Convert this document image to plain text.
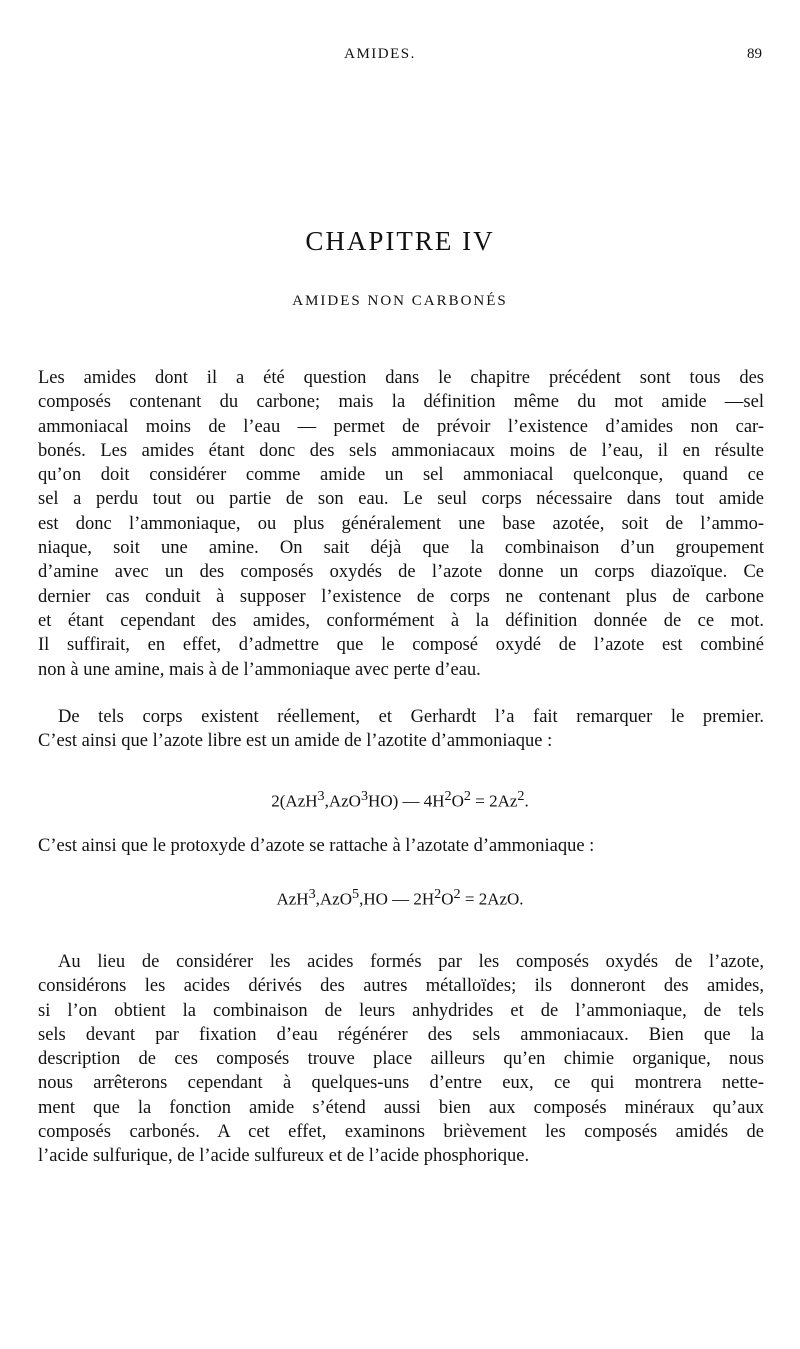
AMIDES.	89
CHAPITRE IV
AMIDES NON CARBONÉS

Les amides dont il a été question dans le chapitre précédent sont tous des
composés contenant du carbone; mais la définition même du mot amide —sel
ammoniacal moins de l’eau — permet de prévoir l’existence d’amides non car-
bonés. Les amides étant donc des sels ammoniacaux moins de l’eau, il en résulte
qu’on doit considérer comme amide un sel ammoniacal quelconque, quand ce
sel a perdu tout ou partie de son eau. Le seul corps nécessaire dans tout amide
est donc l’ammoniaque, ou plus généralement une base azotée, soit de l’ammo-
niaque, soit une amine. On sait déjà que la combinaison d’un groupement
d’amine avec un des composés oxydés de l’azote donne un corps diazoïque. Ce
dernier cas conduit à supposer l’existence de corps ne contenant plus de carbone
et étant cependant des amides, conformément à la définition donnée de ce mot.
Il suffirait, en effet, d’admettre que le composé oxydé de l’azote est combiné
non à une amine, mais à de l’ammoniaque avec perte d’eau.

De tels corps existent réellement, et Gerhardt l’a fait remarquer le premier.
C’est ainsi que l’azote libre est un amide de l’azotite d’ammoniaque :

2(AzH$^3$,AzO$^3$HO) — $4H^2O^2 = 2Az^2$.

C’est ainsi que le protoxyde d’azote se rattache à l’azotate d’ammoniaque :

AzH$^3$,AzO$^5$,HO — $2H^2O^2 = 2AzO$.

Au lieu de considérer les acides formés par les composés oxydés de l’azote,
considérons les acides dérivés des autres métalloïdes; ils donneront des amides,
si l’on obtient la combinaison de leurs anhydrides et de l’ammoniaque, de tels
sels devant par fixation d’eau régénérer des sels ammoniacaux. Bien que la
description de ces composés trouve place ailleurs qu’en chimie organique, nous
nous arrêterons cependant à quelques-uns d’entre eux, ce qui montrera nette-
ment que la fonction amide s’étend aussi bien aux composés minéraux qu’aux
composés carbonés. A cet effet, examinons brièvement les composés amidés de
l’acide sulfurique, de l’acide sulfureux et de l’acide phosphorique.
